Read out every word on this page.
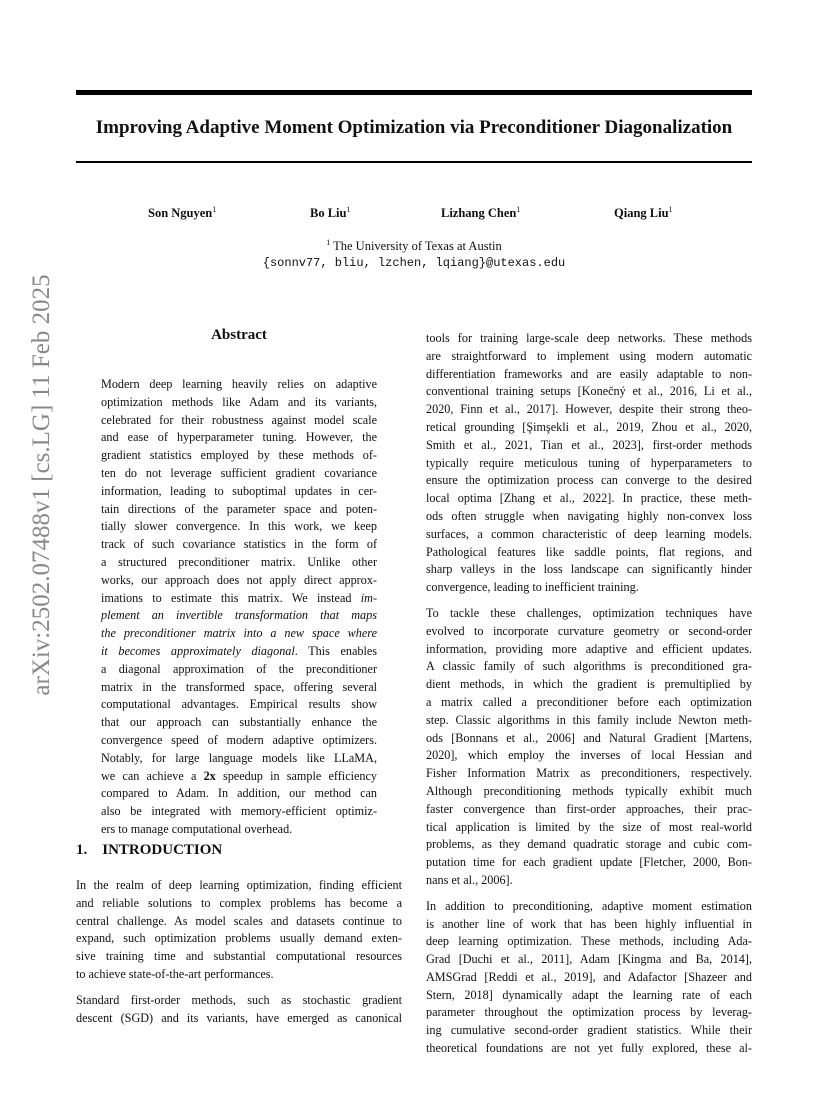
Improving Adaptive Moment Optimization via Preconditioner Diagonalization
Son Nguyen$^1$	Bo Liu$^1$	Lizhang Chen$^1$	Qiang Liu$^1$
$^1$ The University of Texas at Austin
{sonnv77, bliu, lzchen, lqiang}@utexas.edu
arXiv:2502.07488v1 [cs.LG] 11 Feb 2025	Abstract
Modern deep learning heavily relies on adaptive
optimization methods like Adam and its variants,
celebrated for their robustness against model scale
and ease of hyperparameter tuning. However, the
gradient statistics employed by these methods of-
ten do not leverage sufficient gradient covariance
information, leading to suboptimal updates in cer-
tain directions of the parameter space and poten-
tially slower convergence. In this work, we keep
track of such covariance statistics in the form of
a structured preconditioner matrix. Unlike other
works, our approach does not apply direct approx-
imations to estimate this matrix. We instead im-
plement an invertible transformation that maps
the preconditioner matrix into a new space where
it becomes approximately diagonal. This enables
a diagonal approximation of the preconditioner
matrix in the transformed space, offering several
computational advantages. Empirical results show
that our approach can substantially enhance the
convergence speed of modern adaptive optimizers.
Notably, for large language models like LLaMA,
we can achieve a 2x speedup in sample efficiency
compared to Adam. In addition, our method can
also be integrated with memory-efficient optimiz-
ers to manage computational overhead.
1. INTRODUCTION
In the realm of deep learning optimization, finding efficient
and reliable solutions to complex problems has become a
central challenge. As model scales and datasets continue to
expand, such optimization problems usually demand exten-
sive training time and substantial computational resources
to achieve state-of-the-art performances.
Standard first-order methods, such as stochastic gradient
descent (SGD) and its variants, have emerged as canonical
tools for training large-scale deep networks. These methods
are straightforward to implement using modern automatic
differentiation frameworks and are easily adaptable to non-
conventional training setups [Konečný et al., 2016, Li et al.,
2020, Finn et al., 2017]. However, despite their strong theo-
retical grounding [Şimşekli et al., 2019, Zhou et al., 2020,
Smith et al., 2021, Tian et al., 2023], first-order methods
typically require meticulous tuning of hyperparameters to
ensure the optimization process can converge to the desired
local optima [Zhang et al., 2022]. In practice, these meth-
ods often struggle when navigating highly non-convex loss
surfaces, a common characteristic of deep learning models.
Pathological features like saddle points, flat regions, and
sharp valleys in the loss landscape can significantly hinder
convergence, leading to inefficient training.
To tackle these challenges, optimization techniques have
evolved to incorporate curvature geometry or second-order
information, providing more adaptive and efficient updates.
A classic family of such algorithms is preconditioned gra-
dient methods, in which the gradient is premultiplied by
a matrix called a preconditioner before each optimization
step. Classic algorithms in this family include Newton meth-
ods [Bonnans et al., 2006] and Natural Gradient [Martens,
2020], which employ the inverses of local Hessian and
Fisher Information Matrix as preconditioners, respectively.
Although preconditioning methods typically exhibit much
faster convergence than first-order approaches, their prac-
tical application is limited by the size of most real-world
problems, as they demand quadratic storage and cubic com-
putation time for each gradient update [Fletcher, 2000, Bon-
nans et al., 2006].
In addition to preconditioning, adaptive moment estimation
is another line of work that has been highly influential in
deep learning optimization. These methods, including Ada-
Grad [Duchi et al., 2011], Adam [Kingma and Ba, 2014],
AMSGrad [Reddi et al., 2019], and Adafactor [Shazeer and
Stern, 2018] dynamically adapt the learning rate of each
parameter throughout the optimization process by leverag-
ing cumulative second-order gradient statistics. While their
theoretical foundations are not yet fully explored, these al-
